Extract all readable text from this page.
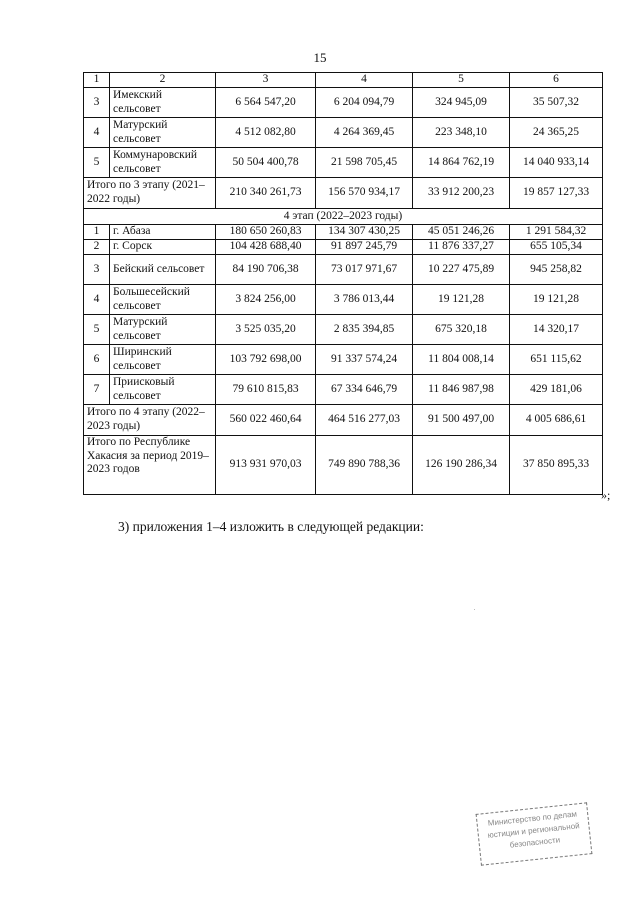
15
1	2	3	4	5	6
3	Имекский сельсовет	6 564 547,20	6 204 094,79	324 945,09	35 507,32
4	Матурский сельсовет	4 512 082,80	4 264 369,45	223 348,10	24 365,25
5	Коммунаровский сельсовет	50 504 400,78	21 598 705,45	14 864 762,19	14 040 933,14
Итого по 3 этапу (2021–2022 годы)		210 340 261,73	156 570 934,17	33 912 200,23	19 857 127,33
4 этап (2022–2023 годы)					
1	г. Абаза	180 650 260,83	134 307 430,25	45 051 246,26	1 291 584,32
2	г. Сорск	104 428 688,40	91 897 245,79	11 876 337,27	655 105,34
3	Бейский сельсовет	84 190 706,38	73 017 971,67	10 227 475,89	945 258,82
4	Большесейский сельсовет	3 824 256,00	3 786 013,44	19 121,28	19 121,28
5	Матурский сельсовет	3 525 035,20	2 835 394,85	675 320,18	14 320,17
6	Ширинский сельсовет	103 792 698,00	91 337 574,24	11 804 008,14	651 115,62
7	Приисковый сельсовет	79 610 815,83	67 334 646,79	11 846 987,98	429 181,06
Итого по 4 этапу (2022–2023 годы)		560 022 460,64	464 516 277,03	91 500 497,00	4 005 686,61
Итого по Республике Хакасия за период 2019–2023 годов		913 931 970,03	749 890 788,36	126 190 286,34	37 850 895,33
»;
3) приложения 1–4 изложить в следующей редакции:
Министерство по делам юстиции и региональной безопасности
